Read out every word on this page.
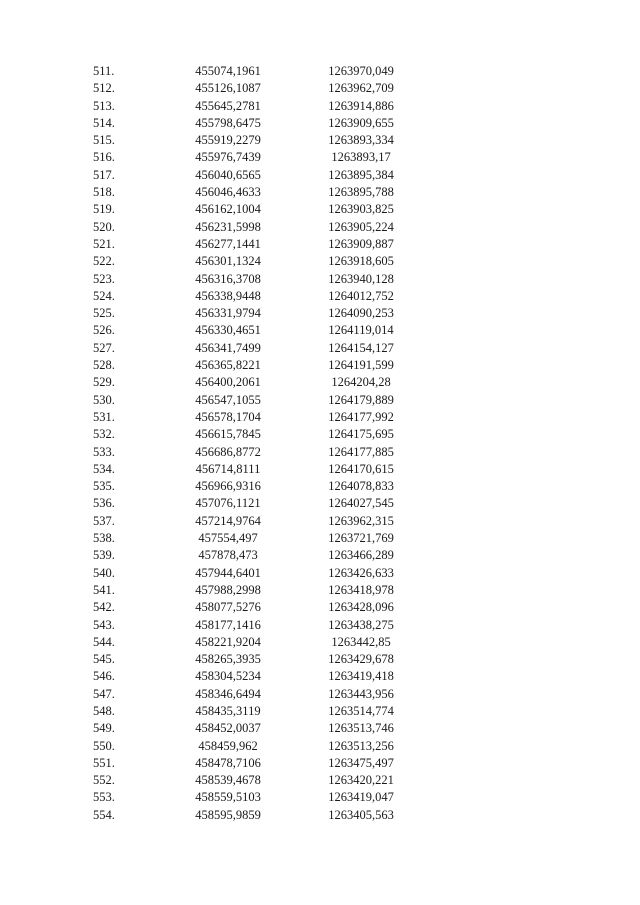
511.	455074,1961	1263970,049
512.	455126,1087	1263962,709
513.	455645,2781	1263914,886
514.	455798,6475	1263909,655
515.	455919,2279	1263893,334
516.	455976,7439	1263893,17
517.	456040,6565	1263895,384
518.	456046,4633	1263895,788
519.	456162,1004	1263903,825
520.	456231,5998	1263905,224
521.	456277,1441	1263909,887
522.	456301,1324	1263918,605
523.	456316,3708	1263940,128
524.	456338,9448	1264012,752
525.	456331,9794	1264090,253
526.	456330,4651	1264119,014
527.	456341,7499	1264154,127
528.	456365,8221	1264191,599
529.	456400,2061	1264204,28
530.	456547,1055	1264179,889
531.	456578,1704	1264177,992
532.	456615,7845	1264175,695
533.	456686,8772	1264177,885
534.	456714,8111	1264170,615
535.	456966,9316	1264078,833
536.	457076,1121	1264027,545
537.	457214,9764	1263962,315
538.	457554,497	1263721,769
539.	457878,473	1263466,289
540.	457944,6401	1263426,633
541.	457988,2998	1263418,978
542.	458077,5276	1263428,096
543.	458177,1416	1263438,275
544.	458221,9204	1263442,85
545.	458265,3935	1263429,678
546.	458304,5234	1263419,418
547.	458346,6494	1263443,956
548.	458435,3119	1263514,774
549.	458452,0037	1263513,746
550.	458459,962	1263513,256
551.	458478,7106	1263475,497
552.	458539,4678	1263420,221
553.	458559,5103	1263419,047
554.	458595,9859	1263405,563
